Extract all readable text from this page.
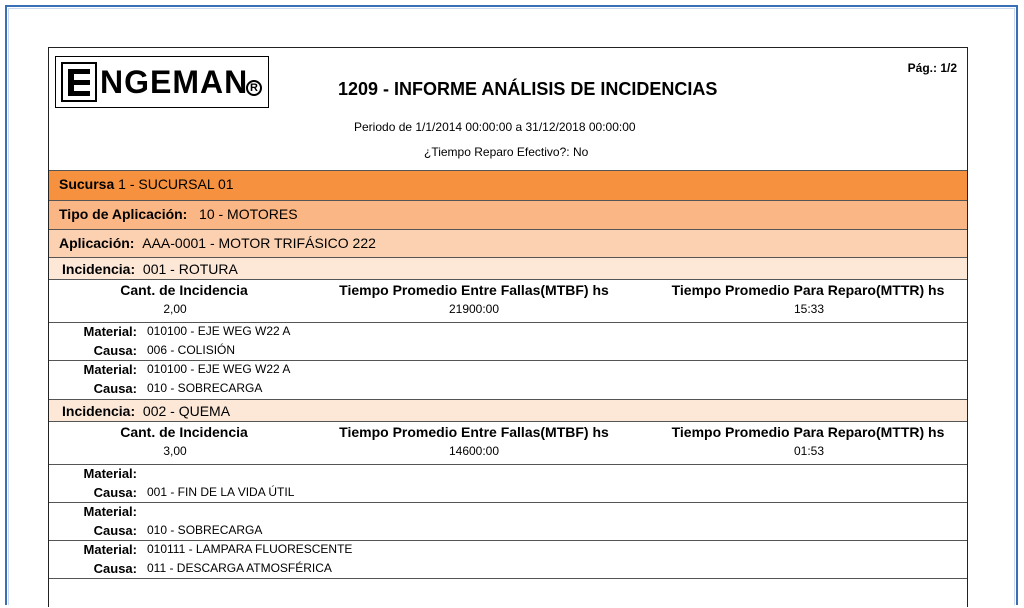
NGEMAN R
Pág.: 1/2
1209 - INFORME ANÁLISIS DE INCIDENCIAS
Periodo de 1/1/2014 00:00:00 a 31/12/2018 00:00:00
¿Tiempo Reparo Efectivo?: No
Sucursa 1 - SUCURSAL 01
Tipo de Aplicación: 10 - MOTORES
Aplicación: AAA-0001 - MOTOR TRIFÁSICO 222
Incidencia: 001 - ROTURA
Cant. de Incidencia	Tiempo Promedio Entre Fallas(MTBF) hs	Tiempo Promedio Para Reparo(MTTR) hs
2,00	21900:00	15:33
Material: 010100 - EJE WEG W22 A
Causa: 006 - COLISIÓN
Material: 010100 - EJE WEG W22 A
Causa: 010 - SOBRECARGA
Incidencia: 002 - QUEMA
Cant. de Incidencia	Tiempo Promedio Entre Fallas(MTBF) hs	Tiempo Promedio Para Reparo(MTTR) hs
3,00	14600:00	01:53
Material:
Causa: 001 - FIN DE LA VIDA ÚTIL
Material:
Causa: 010 - SOBRECARGA
Material: 010111 - LAMPARA FLUORESCENTE
Causa: 011 - DESCARGA ATMOSFÉRICA
